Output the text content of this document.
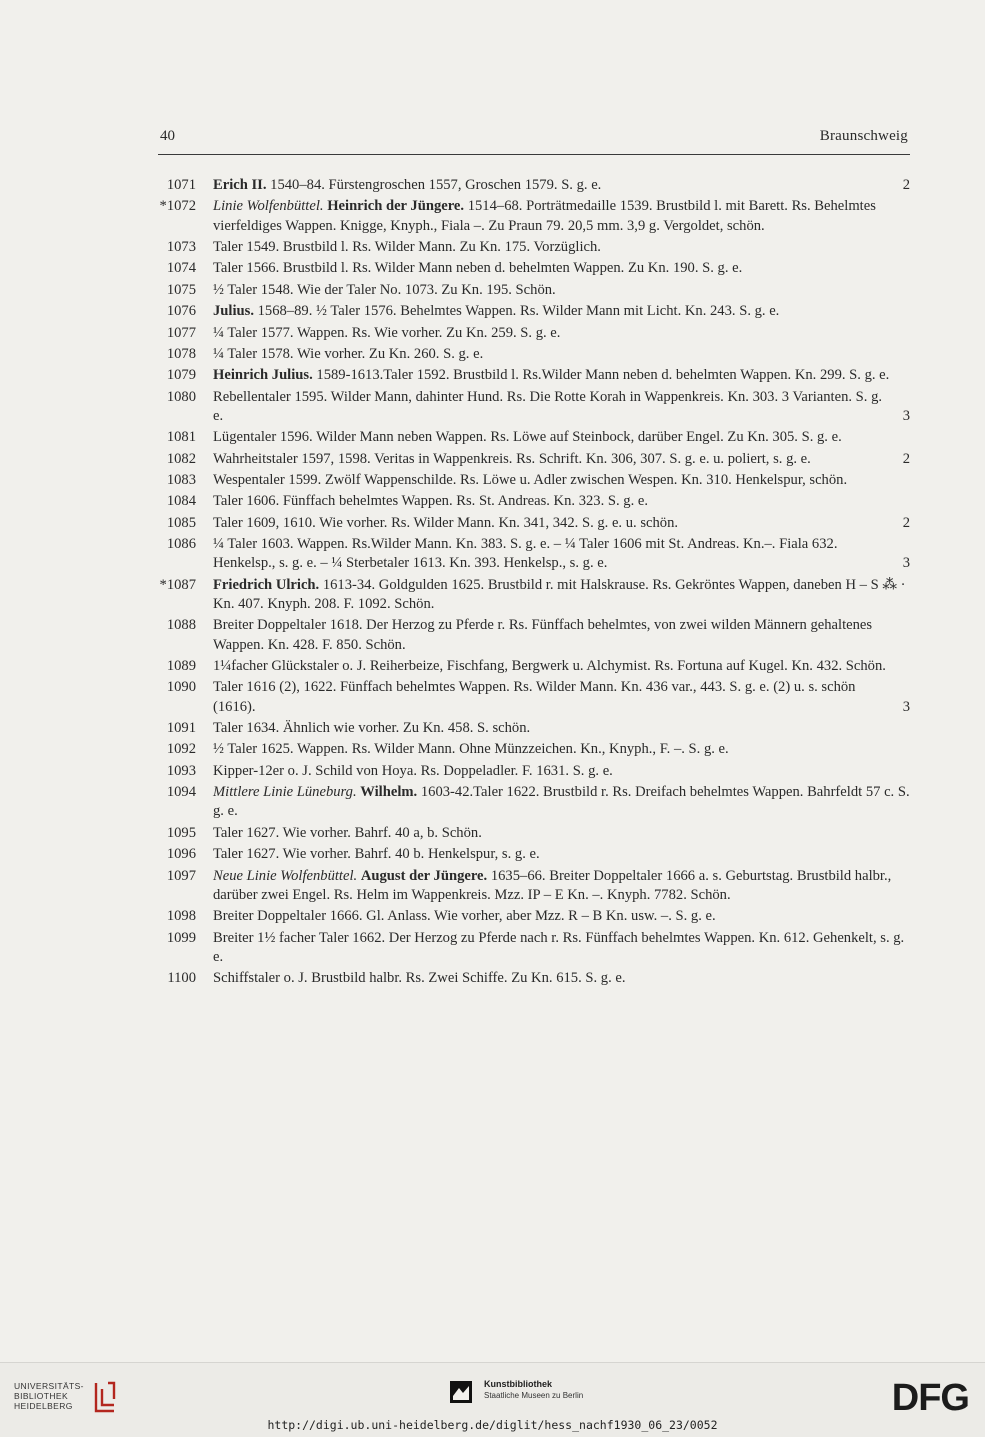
40	Braunschweig
1071 Erich II. 1540–84. Fürstengroschen 1557, Groschen 1579. S. g. e.	2
*1072 Linie Wolfenbüttel. Heinrich der Jüngere. 1514–68. Porträtmedaille 1539. Brustbild l. mit Barett. Rs. Behelmtes vierfeldiges Wappen. Knigge, Knyph., Fiala –. Zu Praun 79. 20,5 mm. 3,9 g. Vergoldet, schön.
1073 Taler 1549. Brustbild l. Rs. Wilder Mann. Zu Kn. 175. Vorzüglich.
1074 Taler 1566. Brustbild l. Rs. Wilder Mann neben d. behelmten Wappen. Zu Kn. 190. S. g. e.
1075 ½ Taler 1548. Wie der Taler No. 1073. Zu Kn. 195. Schön.
1076 Julius. 1568–89. ½ Taler 1576. Behelmtes Wappen. Rs. Wilder Mann mit Licht. Kn. 243. S. g. e.
1077 ¼ Taler 1577. Wappen. Rs. Wie vorher. Zu Kn. 259. S. g. e.
1078 ¼ Taler 1578. Wie vorher. Zu Kn. 260. S. g. e.
1079 Heinrich Julius. 1589-1613.Taler 1592. Brustbild l. Rs.Wilder Mann neben d. behelmten Wappen. Kn. 299. S. g. e.
1080 Rebellentaler 1595. Wilder Mann, dahinter Hund. Rs. Die Rotte Korah in Wappenkreis. Kn. 303. 3 Varianten. S. g. e.	3
1081 Lügentaler 1596. Wilder Mann neben Wappen. Rs. Löwe auf Steinbock, darüber Engel. Zu Kn. 305. S. g. e.
1082 Wahrheitstaler 1597, 1598. Veritas in Wappenkreis. Rs. Schrift. Kn. 306, 307. S. g. e. u. poliert, s. g. e.	2
1083 Wespentaler 1599. Zwölf Wappenschilde. Rs. Löwe u. Adler zwischen Wespen. Kn. 310. Henkelspur, schön.
1084 Taler 1606. Fünffach behelmtes Wappen. Rs. St. Andreas. Kn. 323. S. g. e.
1085 Taler 1609, 1610. Wie vorher. Rs. Wilder Mann. Kn. 341, 342. S. g. e. u. schön.	2
1086 ¼ Taler 1603. Wappen. Rs.Wilder Mann. Kn. 383. S. g. e. – ¼ Taler 1606 mit St. Andreas. Kn.–. Fiala 632. Henkelsp., s. g. e. – ¼ Sterbetaler 1613. Kn. 393. Henkelsp., s. g. e.	3
*1087 Friedrich Ulrich. 1613-34. Goldgulden 1625. Brustbild r. mit Halskrause. Rs. Gekröntes Wappen, daneben H – S ⁂ · Kn. 407. Knyph. 208. F. 1092. Schön.
1088 Breiter Doppeltaler 1618. Der Herzog zu Pferde r. Rs. Fünffach behelmtes, von zwei wilden Männern gehaltenes Wappen. Kn. 428. F. 850. Schön.
1089 1¼facher Glückstaler o. J. Reiherbeize, Fischfang, Bergwerk u. Alchymist. Rs. Fortuna auf Kugel. Kn. 432. Schön.
1090 Taler 1616 (2), 1622. Fünffach behelmtes Wappen. Rs. Wilder Mann. Kn. 436 var., 443. S. g. e. (2) u. s. schön (1616).	3
1091 Taler 1634. Ähnlich wie vorher. Zu Kn. 458. S. schön.
1092 ½ Taler 1625. Wappen. Rs. Wilder Mann. Ohne Münzzeichen. Kn., Knyph., F. –. S. g. e.
1093 Kipper-12er o. J. Schild von Hoya. Rs. Doppeladler. F. 1631. S. g. e.
1094 Mittlere Linie Lüneburg. Wilhelm. 1603-42.Taler 1622. Brustbild r. Rs. Dreifach behelmtes Wappen. Bahrfeldt 57 c. S. g. e.
1095 Taler 1627. Wie vorher. Bahrf. 40 a, b. Schön.
1096 Taler 1627. Wie vorher. Bahrf. 40 b. Henkelspur, s. g. e.
1097 Neue Linie Wolfenbüttel. August der Jüngere. 1635–66. Breiter Doppeltaler 1666 a. s. Geburtstag. Brustbild halbr., darüber zwei Engel. Rs. Helm im Wappenkreis. Mzz. IP – E Kn. –. Knyph. 7782. Schön.
1098 Breiter Doppeltaler 1666. Gl. Anlass. Wie vorher, aber Mzz. R – B Kn. usw. –. S. g. e.
1099 Breiter 1½ facher Taler 1662. Der Herzog zu Pferde nach r. Rs. Fünffach behelmtes Wappen. Kn. 612. Gehenkelt, s. g. e.
1100 Schiffstaler o. J. Brustbild halbr. Rs. Zwei Schiffe. Zu Kn. 615. S. g. e.
UNIVERSITÄTS-
BIBLIOTHEK
HEIDELBERG
Kunstbibliothek
Staatliche Museen zu Berlin	DFG
http://digi.ub.uni-heidelberg.de/diglit/hess_nachf1930_06_23/0052
